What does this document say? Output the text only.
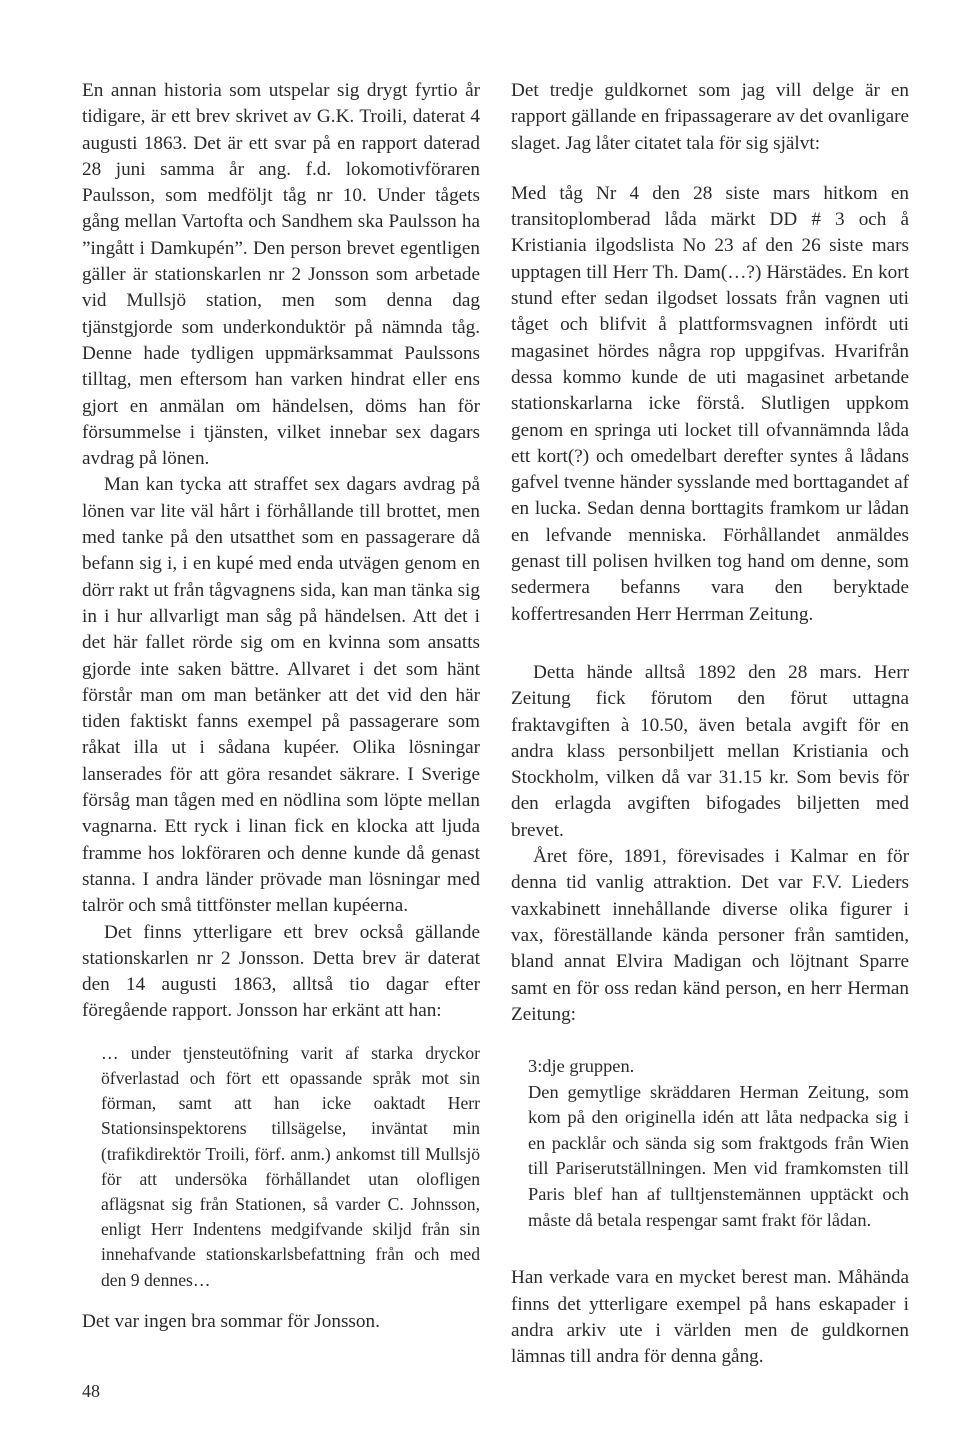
En annan historia som utspelar sig drygt fyrtio år tidigare, är ett brev skrivet av G.K. Troili, daterat 4 augusti 1863. Det är ett svar på en rapport daterad 28 juni samma år ang. f.d. lokomotivföraren Paulsson, som medföljt tåg nr 10. Under tågets gång mellan Vartofta och Sandhem ska Paulsson ha ”ingått i Damkupén”. Den person brevet egentligen gäller är stationskarlen nr 2 Jonsson som arbetade vid Mullsjö station, men som denna dag tjänstgjorde som underkonduktör på nämnda tåg. Denne hade tydligen uppmärksammat Paulssons tilltag, men eftersom han varken hindrat eller ens gjort en anmälan om händelsen, döms han för försummelse i tjänsten, vilket innebar sex dagars avdrag på lönen.

Man kan tycka att straffet sex dagars avdrag på lönen var lite väl hårt i förhållande till brottet, men med tanke på den utsatthet som en passagerare då befann sig i, i en kupé med enda utvägen genom en dörr rakt ut från tågvagnens sida, kan man tänka sig in i hur allvarligt man såg på händelsen. Att det i det här fallet rörde sig om en kvinna som ansatts gjorde inte saken bättre. Allvaret i det som hänt förstår man om man betänker att det vid den här tiden faktiskt fanns exempel på passagerare som råkat illa ut i sådana kupéer. Olika lösningar lanserades för att göra resandet säkrare. I Sverige försåg man tågen med en nödlina som löpte mellan vagnarna. Ett ryck i linan fick en klocka att ljuda framme hos lokföraren och denne kunde då genast stanna. I andra länder prövade man lösningar med talrör och små tittfönster mellan kupéerna.

Det finns ytterligare ett brev också gällande stationskarlen nr 2 Jonsson. Detta brev är daterat den 14 augusti 1863, alltså tio dagar efter föregående rapport. Jonsson har erkänt att han:

… under tjensteutöfning varit af starka dryckor öfverlastad och fört ett opassande språk mot sin förman, samt att han icke oaktadt Herr Stationsinspektorens tillsägelse, inväntat min (trafikdirektör Troili, förf. anm.) ankomst till Mullsjö för att undersöka förhållandet utan olofligen aflägsnat sig från Stationen, så varder C. Johnsson, enligt Herr Indentens medgifvande skiljd från sin innehafvande stationskarlsbefattning från och med den 9 dennes…

Det var ingen bra sommar för Jonsson.

Det tredje guldkornet som jag vill delge är en rapport gällande en fripassagerare av det ovanligare slaget. Jag låter citatet tala för sig självt:

Med tåg Nr 4 den 28 siste mars hitkom en transitoplomberad låda märkt DD # 3 och å Kristiania ilgodslista No 23 af den 26 siste mars upptagen till Herr Th. Dam(…?) Härstädes. En kort stund efter sedan ilgodset lossats från vagnen uti tåget och blifvit å plattformsvagnen infördt uti magasinet hördes några rop uppgifvas. Hvarifrån dessa kommo kunde de uti magasinet arbetande stationskarlarna icke förstå. Slutligen uppkom genom en springa uti locket till ofvannämnda låda ett kort(?) och omedelbart derefter syntes å lådans gafvel tvenne händer sysslande med borttagandet af en lucka. Sedan denna borttagits framkom ur lådan en lefvande menniska. Förhållandet anmäldes genast till polisen hvilken tog hand om denne, som sedermera befanns vara den beryktade koffertresanden Herr Herrman Zeitung.

Detta hände alltså 1892 den 28 mars. Herr Zeitung fick förutom den förut uttagna fraktavgiften à 10.50, även betala avgift för en andra klass personbiljett mellan Kristiania och Stockholm, vilken då var 31.15 kr. Som bevis för den erlagda avgiften bifogades biljetten med brevet.

Året före, 1891, förevisades i Kalmar en för denna tid vanlig attraktion. Det var F.V. Lieders vaxkabinett innehållande diverse olika figurer i vax, föreställande kända personer från samtiden, bland annat Elvira Madigan och löjtnant Sparre samt en för oss redan känd person, en herr Herman Zeitung:

3:dje gruppen.

Den gemytlige skräddaren Herman Zeitung, som kom på den originella idén att låta nedpacka sig i en packlår och sända sig som fraktgods från Wien till Pariserutställningen. Men vid framkomsten till Paris blef han af tulltjenstemännen upptäckt och måste då betala respengar samt frakt för lådan.

Han verkade vara en mycket berest man. Måhända finns det ytterligare exempel på hans eskapader i andra arkiv ute i världen men de guldkornen lämnas till andra för denna gång.

48
